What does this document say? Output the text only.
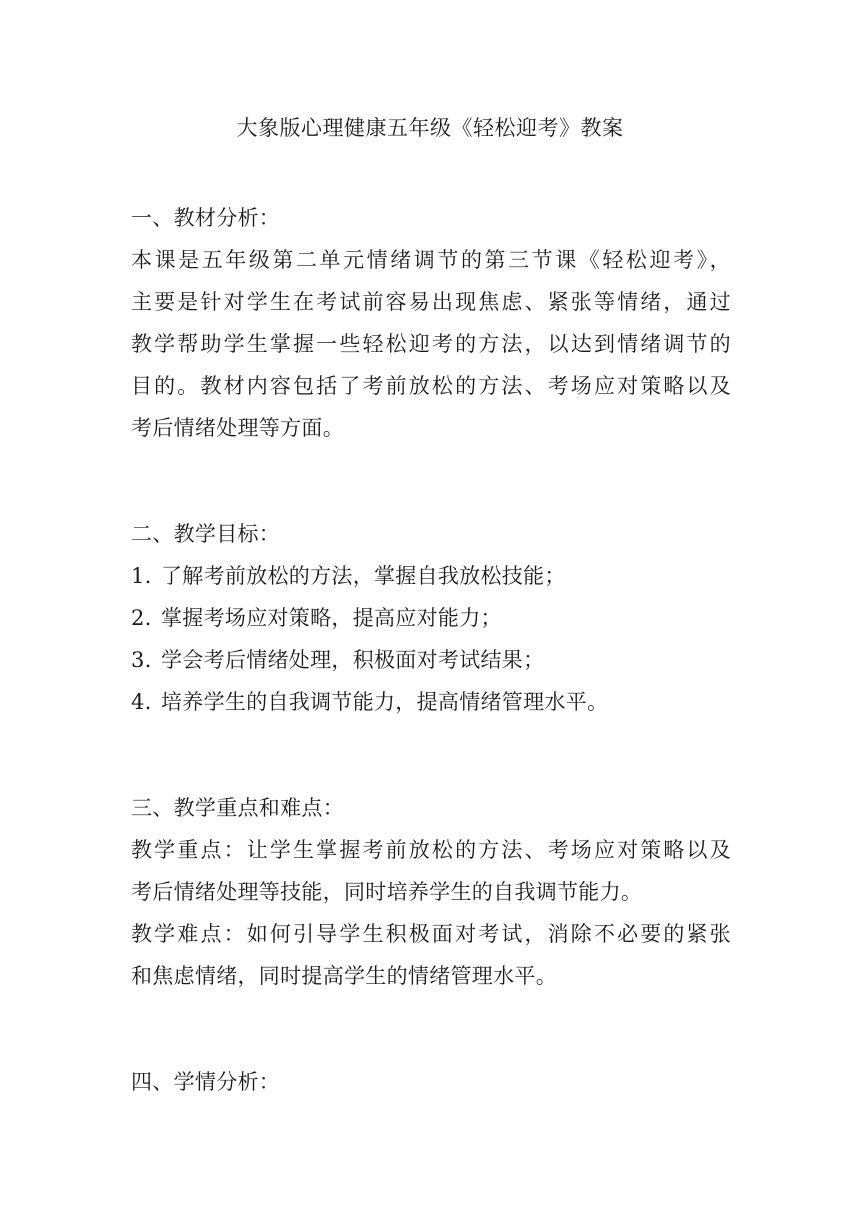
大象版心理健康五年级《轻松迎考》教案

一、教材分析：

本课是五年级第二单元情绪调节的第三节课《轻松迎考》，

主要是针对学生在考试前容易出现焦虑、紧张等情绪，通过

教学帮助学生掌握一些轻松迎考的方法，以达到情绪调节的

目的。教材内容包括了考前放松的方法、考场应对策略以及

考后情绪处理等方面。

二、教学目标：

1. 了解考前放松的方法，掌握自我放松技能；

2. 掌握考场应对策略，提高应对能力；

3. 学会考后情绪处理，积极面对考试结果；

4. 培养学生的自我调节能力，提高情绪管理水平。

三、教学重点和难点：

教学重点：让学生掌握考前放松的方法、考场应对策略以及

考后情绪处理等技能，同时培养学生的自我调节能力。

教学难点：如何引导学生积极面对考试，消除不必要的紧张

和焦虑情绪，同时提高学生的情绪管理水平。

四、学情分析：
